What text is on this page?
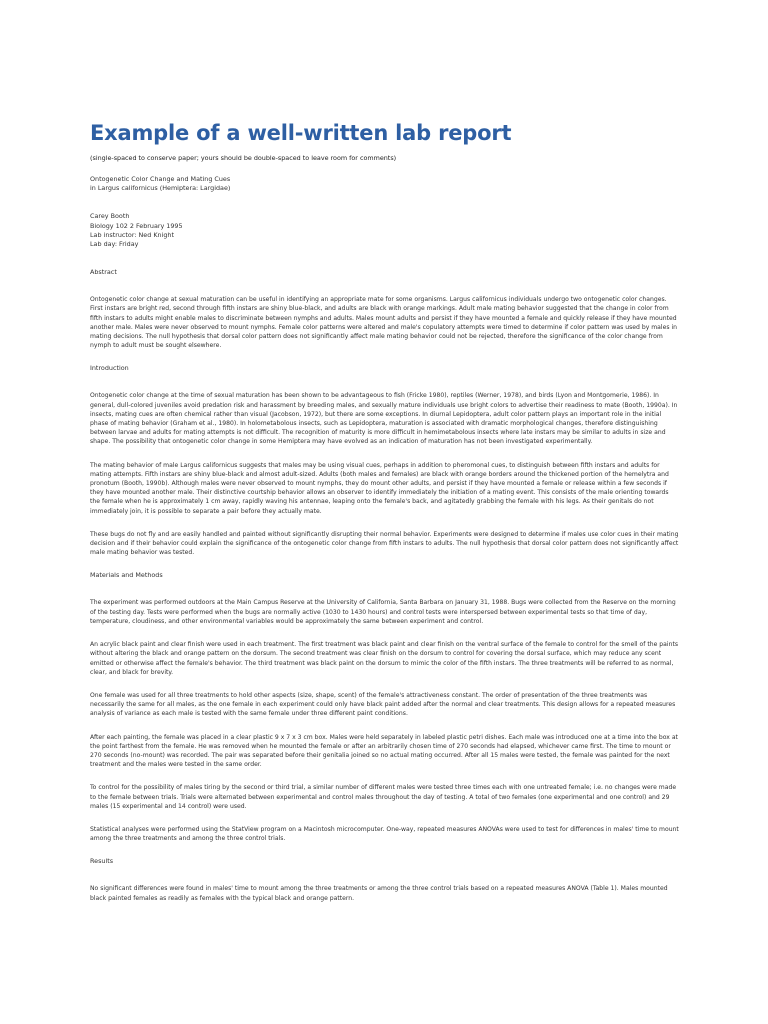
Example of a well-written lab report
(single-spaced to conserve paper; yours should be double-spaced to leave room for comments)
Ontogenetic Color Change and Mating Cues
in Largus californicus (Hemiptera: Largidae)
Carey Booth
Biology 102 2 February 1995
Lab instructor: Ned Knight
Lab day: Friday
Abstract

Ontogenetic color change at sexual maturation can be useful in identifying an appropriate mate for some organisms. Largus californicus individuals undergo two ontogenetic color changes. First instars are bright red, second through fifth instars are shiny blue-black, and adults are black with orange markings. Adult male mating behavior suggested that the change in color from fifth instars to adults might enable males to discriminate between nymphs and adults. Males mount adults and persist if they have mounted a female and quickly release if they have mounted another male. Males were never observed to mount nymphs. Female color patterns were altered and male's copulatory attempts were timed to determine if color pattern was used by males in mating decisions. The null hypothesis that dorsal color pattern does not significantly affect male mating behavior could not be rejected, therefore the significance of the color change from nymph to adult must be sought elsewhere.

Introduction

Ontogenetic color change at the time of sexual maturation has been shown to be advantageous to fish (Fricke 1980), reptiles (Werner, 1978), and birds (Lyon and Montgomerie, 1986). In general, dull-colored juveniles avoid predation risk and harassment by breeding males, and sexually mature individuals use bright colors to advertise their readiness to mate (Booth, 1990a). In insects, mating cues are often chemical rather than visual (Jacobson, 1972), but there are some exceptions. In diurnal Lepidoptera, adult color pattern plays an important role in the initial phase of mating behavior (Graham et al., 1980). In holometabolous insects, such as Lepidoptera, maturation is associated with dramatic morphological changes, therefore distinguishing between larvae and adults for mating attempts is not difficult. The recognition of maturity is more difficult in hemimetabolous insects where late instars may be similar to adults in size and shape. The possibility that ontogenetic color change in some Hemiptera may have evolved as an indication of maturation has not been investigated experimentally.

The mating behavior of male Largus californicus suggests that males may be using visual cues, perhaps in addition to pheromonal cues, to distinguish between fifth instars and adults for mating attempts. Fifth instars are shiny blue-black and almost adult-sized. Adults (both males and females) are black with orange borders around the thickened portion of the hemelytra and pronotum (Booth, 1990b). Although males were never observed to mount nymphs, they do mount other adults, and persist if they have mounted a female or release within a few seconds if they have mounted another male. Their distinctive courtship behavior allows an observer to identify immediately the initiation of a mating event. This consists of the male orienting towards the female when he is approximately 1 cm away, rapidly waving his antennae, leaping onto the female's back, and agitatedly grabbing the female with his legs. As their genitals do not immediately join, it is possible to separate a pair before they actually mate.

These bugs do not fly and are easily handled and painted without significantly disrupting their normal behavior. Experiments were designed to determine if males use color cues in their mating decision and if their behavior could explain the significance of the ontogenetic color change from fifth instars to adults. The null hypothesis that dorsal color pattern does not significantly affect male mating behavior was tested.

Materials and Methods

The experiment was performed outdoors at the Main Campus Reserve at the University of California, Santa Barbara on January 31, 1988. Bugs were collected from the Reserve on the morning of the testing day. Tests were performed when the bugs are normally active (1030 to 1430 hours) and control tests were interspersed between experimental tests so that time of day, temperature, cloudiness, and other environmental variables would be approximately the same between experiment and control.

An acrylic black paint and clear finish were used in each treatment. The first treatment was black paint and clear finish on the ventral surface of the female to control for the smell of the paints without altering the black and orange pattern on the dorsum. The second treatment was clear finish on the dorsum to control for covering the dorsal surface, which may reduce any scent emitted or otherwise affect the female's behavior. The third treatment was black paint on the dorsum to mimic the color of the fifth instars. The three treatments will be referred to as normal, clear, and black for brevity.

One female was used for all three treatments to hold other aspects (size, shape, scent) of the female's attractiveness constant. The order of presentation of the three treatments was necessarily the same for all males, as the one female in each experiment could only have black paint added after the normal and clear treatments. This design allows for a repeated measures analysis of variance as each male is tested with the same female under three different paint conditions.

After each painting, the female was placed in a clear plastic 9 x 7 x 3 cm box. Males were held separately in labeled plastic petri dishes. Each male was introduced one at a time into the box at the point farthest from the female. He was removed when he mounted the female or after an arbitrarily chosen time of 270 seconds had elapsed, whichever came first. The time to mount or 270 seconds (no-mount) was recorded. The pair was separated before their genitalia joined so no actual mating occurred. After all 15 males were tested, the female was painted for the next treatment and the males were tested in the same order.

To control for the possibility of males tiring by the second or third trial, a similar number of different males were tested three times each with one untreated female; i.e. no changes were made to the female between trials. Trials were alternated between experimental and control males throughout the day of testing. A total of two females (one experimental and one control) and 29 males (15 experimental and 14 control) were used.

Statistical analyses were performed using the StatView program on a Macintosh microcomputer. One-way, repeated measures ANOVAs were used to test for differences in males' time to mount among the three treatments and among the three control trials.

Results

No significant differences were found in males' time to mount among the three treatments or among the three control trials based on a repeated measures ANOVA (Table 1). Males mounted black painted females as readily as females with the typical black and orange pattern.
